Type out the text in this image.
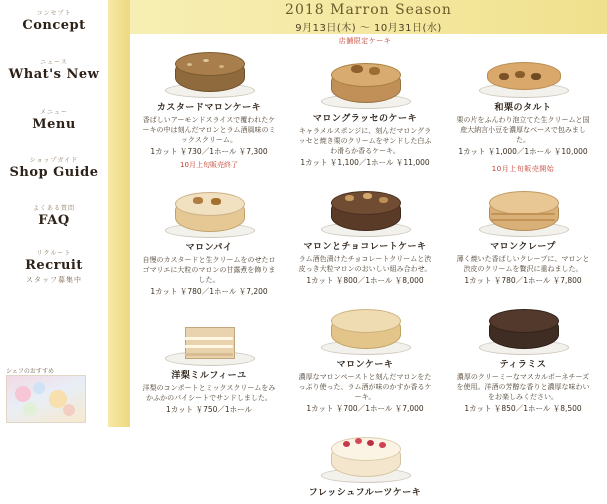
コンセプト
Concept
ニュース
What's New
メニュー
Menu
ショップガイド
Shop Guide
よくある質問
FAQ
リクルート
Recruit
スタッフ募集中
シェフのおすすめ
2018 Marron Season
9月13日(木) ～ 10月31日(水)
カスタードマロンケーキ
香ばしいアーモンドスライスで覆われたケーキの中は刻んだマロンとラム酒風味のミックスクリーム。
1カット ￥730／1ホール ￥7,300
10月上旬販売終了
マロンパイ
自慢のカスタードと生クリームをのせたロゴマリエに大粒のマロンの甘露煮を飾りました。
1カット ￥780／1ホール ￥7,200
洋梨ミルフィーユ
洋梨のコンポートとミックスクリームをみかふかのパイシートでサンドしました。
1カット ￥750／1ホール
店舗限定ケーキ
マロングラッセのケーキ
キャラメルスポンジに、刻んだマロングラッセと焼き栗のクリームをサンドした白ふわ滑らか香るケーキ。
1カット ￥1,100／1ホール ￥11,000
マロンとチョコレートケーキ
ラム酒色漬けたチョコレートクリームと渋皮っき大粒マロンのおいしい組み合わせ。
1カット ￥800／1ホール ￥8,000
マロンケーキ
濃厚なマロンペーストと刻んだマロンをたっぷり使った、ラム酒が味のかすか香るケーキ。
1カット ￥700／1ホール ￥7,000
フレッシュフルーツケーキ
和栗のタルト
栗の片をふんわり泡立てた生クリームと国産大納言小豆を濃厚なベースで包みました。
1カット ￥1,000／1ホール ￥10,000
10月上旬販売開始
マロンクレープ
薄く焼いた香ばしいクレープに、マロンと渋皮のクリームを贅沢に重ねました。
1カット ￥780／1ホール ￥7,800
ティラミス
濃厚のクリーミーなマスカルポーネチーズを使用。洋酒の芳醇な香りと濃厚な味わいをお楽しみください。
1カット ￥850／1ホール ￥8,500
